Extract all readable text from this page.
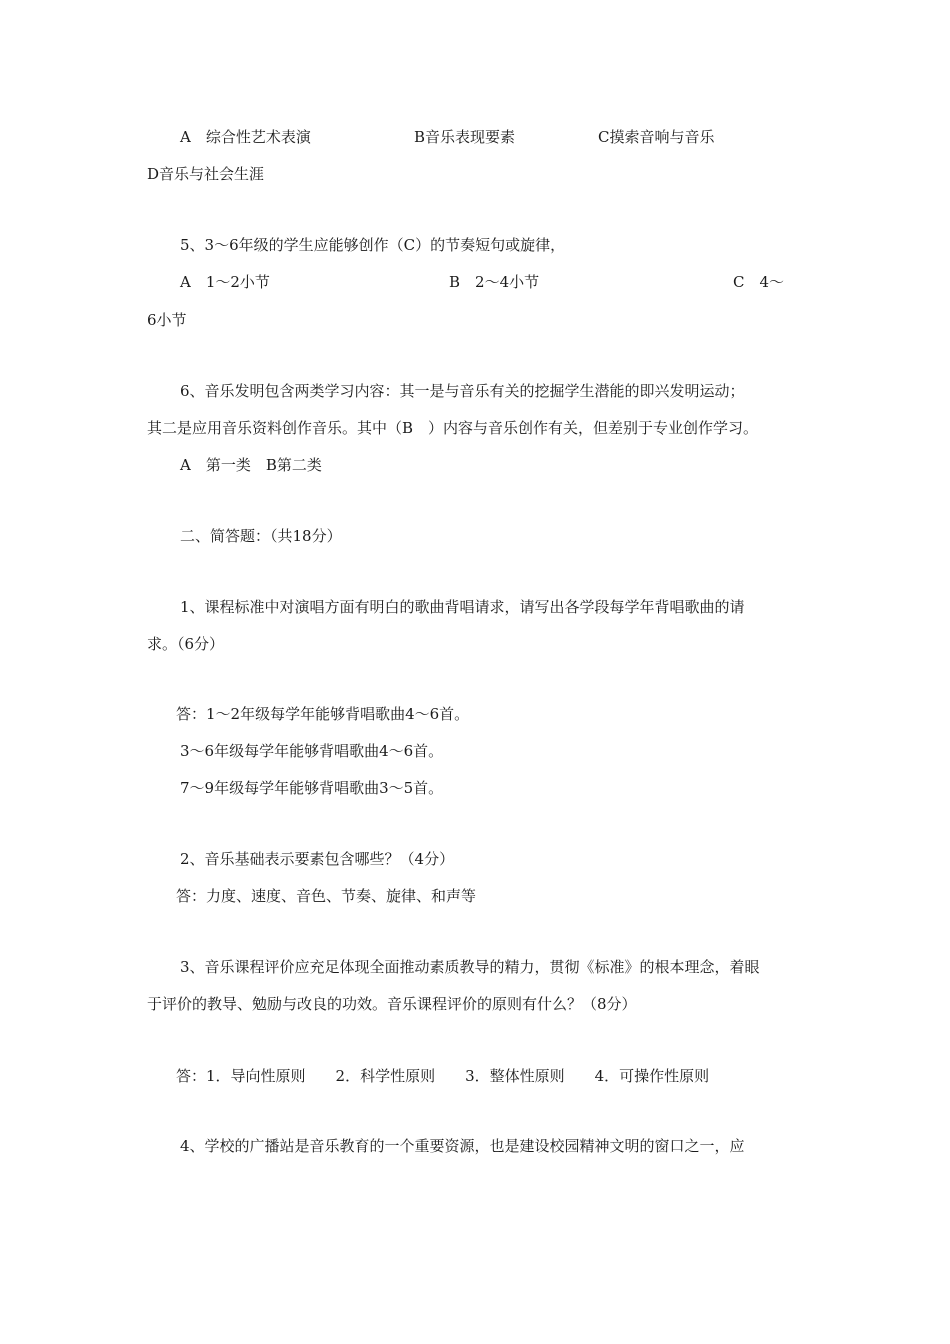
A　综合性艺术表演	B音乐表现要素	C摸索音响与音乐
D音乐与社会生涯
5、3～6年级的学生应能够创作（C）的节奏短句或旋律，
A　1～2小节	B　2～4小节	C　4～
6小节
6、音乐发明包含两类学习内容：其一是与音乐有关的挖掘学生潜能的即兴发明运动；
其二是应用音乐资料创作音乐。其中（B　）内容与音乐创作有关，但差别于专业创作学习。
A　第一类　B第二类
二、简答题：（共18分）
1、课程标准中对演唱方面有明白的歌曲背唱请求，请写出各学段每学年背唱歌曲的请
求。（6分）
答：1～2年级每学年能够背唱歌曲4～6首。
3～6年级每学年能够背唱歌曲4～6首。
7～9年级每学年能够背唱歌曲3～5首。
2、音乐基础表示要素包含哪些？（4分）
答：力度、速度、音色、节奏、旋律、和声等
3、音乐课程评价应充足体现全面推动素质教导的精力，贯彻《标准》的根本理念，着眼
于评价的教导、勉励与改良的功效。音乐课程评价的原则有什么？（8分）
答：1．导向性原则　　2．科学性原则　　3．整体性原则　　4．可操作性原则
4、学校的广播站是音乐教育的一个重要资源，也是建设校园精神文明的窗口之一，应
